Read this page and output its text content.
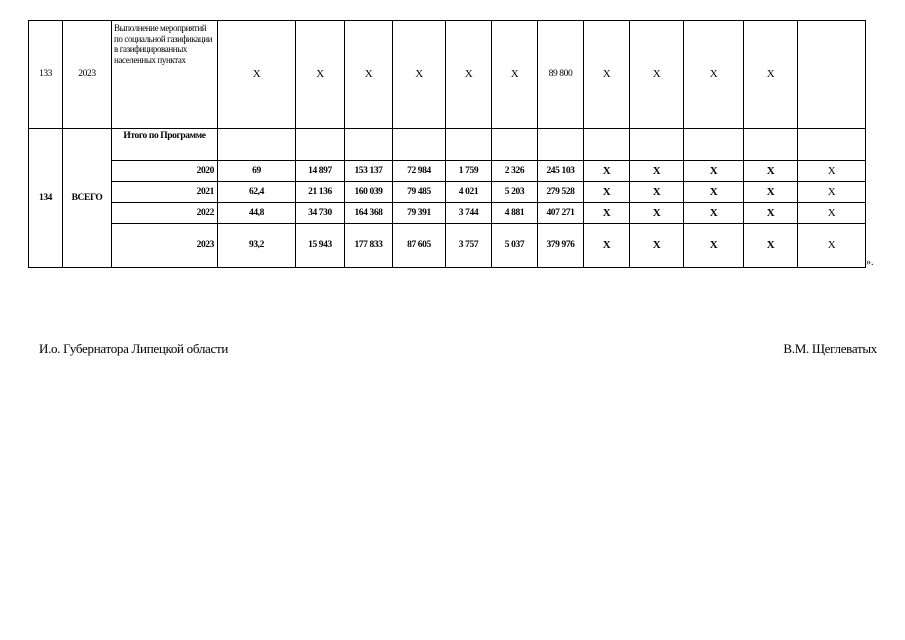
133	2023	Выполнение мероприятий по социальной газификации в газифицированных населенных пунктах	X	X	X	X	X	X	89 800	X	X	X	X	
134	ВСЕГО	Итого по Программе												
		2020	69	14 897	153 137	72 984	1 759	2 326	245 103	X	X	X	X	X
		2021	62,4	21 136	160 039	79 485	4 021	5 203	279 528	X	X	X	X	X
		2022	44,8	34 730	164 368	79 391	3 744	4 881	407 271	X	X	X	X	X
		2023	93,2	15 943	177 833	87 605	3 757	5 037	379 976	X	X	X	X	X
».
И.о. Губернатора Липецкой области	В.М. Щеглеватых
